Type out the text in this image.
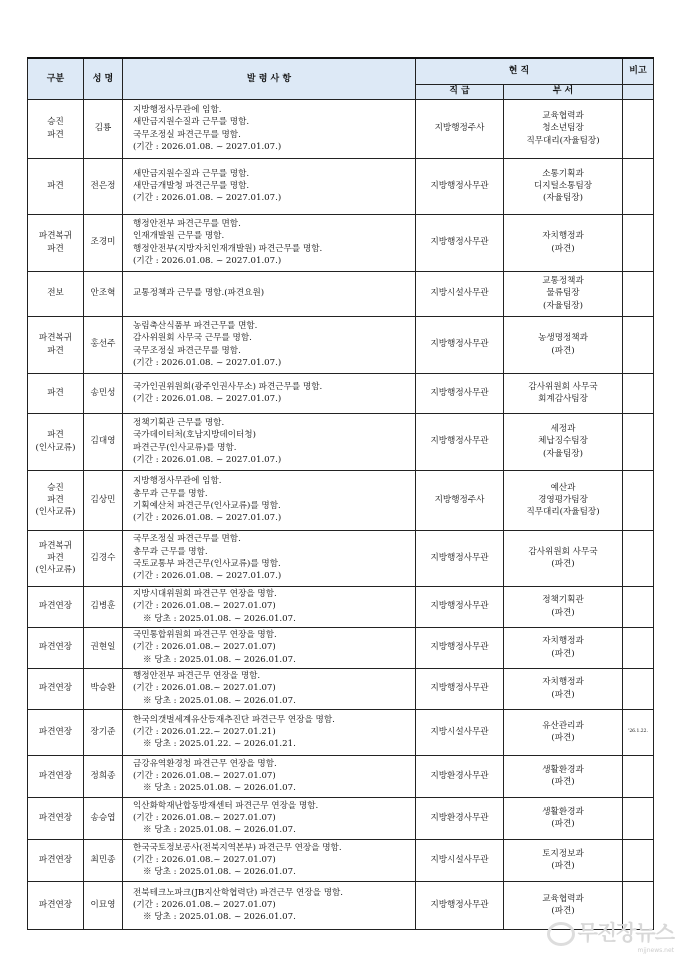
구분	성 명	발 령 사 항	현 직		비고
			직 급	부 서	

승진
파견	김룡	지방행정사무관에 임함.
새만금지원수질과 근무를 명함.
국무조정실 파견근무를 명함.
(기간 : 2026.01.08. ~ 2027.01.07.)	지방행정주사	교육협력과
청소년팀장
직무대리(자율팀장)	

파견	전은정	새만금지원수질과 근무를 명함.
새만금개발청 파견근무를 명함.
(기간 : 2026.01.08. ~ 2027.01.07.)	지방행정사무관	소통기획과
디지털소통팀장
(자율팀장)	

파견복귀
파견	조경미	행정안전부 파견근무를 면함.
인재개발원 근무를 명함.
행정안전부(지방자치인재개발원) 파견근무를 명함.
(기간 : 2026.01.08. ~ 2027.01.07.)	지방행정사무관	자치행정과
(파견)	

전보	안조혁	교통정책과 근무를 명함.(파견요원)	지방시설사무관	교통정책과
물류팀장
(자율팀장)	

파견복귀
파견	홍선주	농림축산식품부 파견근무를 면함.
감사위원회 사무국 근무를 명함.
국무조정실 파견근무를 명함.
(기간 : 2026.01.08. ~ 2027.01.07.)	지방행정사무관	농생명정책과
(파견)	

파견	송민성	국가인권위원회(광주인권사무소) 파견근무를 명함.
(기간 : 2026.01.08. ~ 2027.01.07.)	지방행정사무관	감사위원회 사무국
회계감사팀장	

파견
(인사교류)	김대영	정책기획관 근무를 명함.
국가데이터처(호남지방데이터청)
파견근무(인사교류)를 명함.
(기간 : 2026.01.08. ~ 2027.01.07.)	지방행정사무관	세정과
체납징수팀장
(자율팀장)	

승진
파견
(인사교류)	김상민	지방행정사무관에 임함.
총무과 근무를 명함.
기획예산처 파견근무(인사교류)를 명함.
(기간 : 2026.01.08. ~ 2027.01.07.)	지방행정주사	예산과
경영평가팀장
직무대리(자율팀장)	

파견복귀
파견
(인사교류)	김경수	국무조정실 파견근무를 면함.
총무과 근무를 명함.
국토교통부 파견근무(인사교류)를 명함.
(기간 : 2026.01.08. ~ 2027.01.07.)	지방행정사무관	감사위원회 사무국
(파견)	

파견연장	김병훈	지방시대위원회 파견근무 연장을 명함.
(기간 : 2026.01.08.~ 2027.01.07)
※ 당초 : 2025.01.08. ~ 2026.01.07.	지방행정사무관	정책기획관
(파견)	

파견연장	권현일	국민통합위원회 파견근무 연장을 명함.
(기간 : 2026.01.08.~ 2027.01.07)
※ 당초 : 2025.01.08. ~ 2026.01.07.	지방행정사무관	자치행정과
(파견)	

파견연장	박승환	행정안전부 파견근무 연장을 명함.
(기간 : 2026.01.08.~ 2027.01.07)
※ 당초 : 2025.01.08. ~ 2026.01.07.	지방행정사무관	자치행정과
(파견)	

파견연장	장기준	한국의갯벌세계유산등재추진단 파견근무 연장을 명함.
(기간 : 2026.01.22.~ 2027.01.21)
※ 당초 : 2025.01.22. ~ 2026.01.21.	지방시설사무관	유산관리과
(파견)	'26.1.22.

파견연장	정희종	금강유역환경청 파견근무 연장을 명함.
(기간 : 2026.01.08.~ 2027.01.07)
※ 당초 : 2025.01.08. ~ 2026.01.07.	지방환경사무관	생활환경과
(파견)	

파견연장	송승엽	익산화학재난합동방재센터 파견근무 연장을 명함.
(기간 : 2026.01.08.~ 2027.01.07)
※ 당초 : 2025.01.08. ~ 2026.01.07.	지방환경사무관	생활환경과
(파견)	

파견연장	최민종	한국국토정보공사(전북지역본부) 파견근무 연장을 명함.
(기간 : 2026.01.08.~ 2027.01.07)
※ 당초 : 2025.01.08. ~ 2026.01.07.	지방시설사무관	토지정보과
(파견)	

파견연장	이묘영	전북테크노파크(JB지산학협력단) 파견근무 연장을 명함.
(기간 : 2026.01.08.~ 2027.01.07)
※ 당초 : 2025.01.08. ~ 2026.01.07.	지방행정사무관	교육협력과
(파견)	

무진장뉴스
mjjnews.net
